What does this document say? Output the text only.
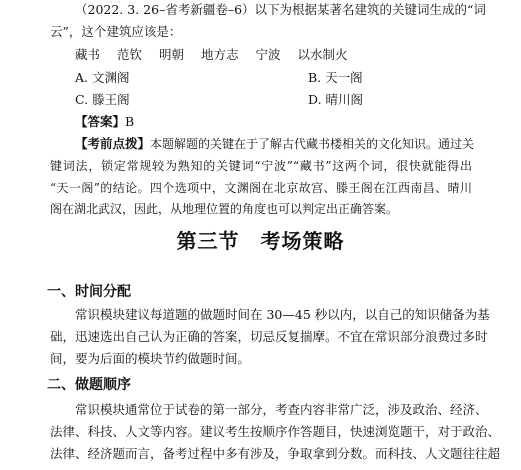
（2022. 3. 26–省考新疆卷–6）以下为根据某著名建筑的关键词生成的“词
云”，这个建筑应该是：
藏书 范钦 明朝 地方志 宁波 以水制火
A. 文渊阁	B. 天一阁
C. 滕王阁	D. 晴川阁
【答案】B
【考前点拨】本题解题的关键在于了解古代藏书楼相关的文化知识。通过关
键词法，锁定常规较为熟知的关键词“宁波”“藏书”这两个词，很快就能得出
“天一阁”的结论。四个选项中，文渊阁在北京故宫、滕王阁在江西南昌、晴川
阁在湖北武汉，因此，从地理位置的角度也可以判定出正确答案。
第三节　考场策略
一、时间分配
常识模块建议每道题的做题时间在 30—45 秒以内，以自己的知识储备为基
础，迅速选出自己认为正确的答案，切忌反复揣摩。不宜在常识部分浪费过多时
间，要为后面的模块节约做题时间。
二、做题顺序
常识模块通常位于试卷的第一部分，考查内容非常广泛，涉及政治、经济、
法律、科技、人文等内容。建议考生按顺序作答题目，快速浏览题干，对于政治、
法律、经济题而言，备考过程中多有涉及，争取拿到分数。而科技、人文题往往超
